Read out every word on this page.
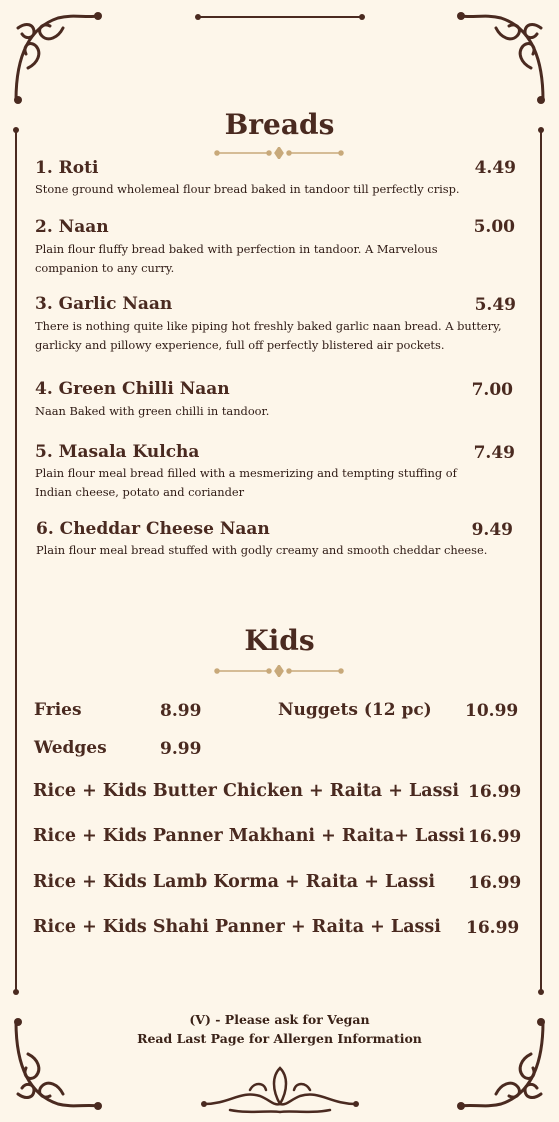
Breads
1. Roti	4.49
Stone ground wholemeal flour bread baked in tandoor till perfectly crisp.
2. Naan	5.00
Plain flour fluffy bread baked with perfection in tandoor. A Marvelous companion to any curry.
3. Garlic Naan	5.49
There is nothing quite like piping hot freshly baked garlic naan bread. A buttery, garlicky and pillowy experience, full off perfectly blistered air pockets.
4. Green Chilli Naan	7.00
Naan Baked with green chilli in tandoor.
5. Masala Kulcha	7.49
Plain flour meal bread filled with a mesmerizing and tempting stuffing of Indian cheese, potato and coriander
6. Cheddar Cheese Naan	9.49
Plain flour meal bread stuffed with godly creamy and smooth cheddar cheese.
Kids
Fries	8.99	Nuggets (12 pc) 10.99
Wedges	9.99
Rice + Kids Butter Chicken + Raita + Lassi 16.99
Rice + Kids Panner Makhani + Raita+ Lassi 16.99
Rice + Kids Lamb Korma + Raita + Lassi 16.99
Rice + Kids Shahi Panner + Raita + Lassi 16.99
(V) - Please ask for Vegan
Read Last Page for Allergen Information
